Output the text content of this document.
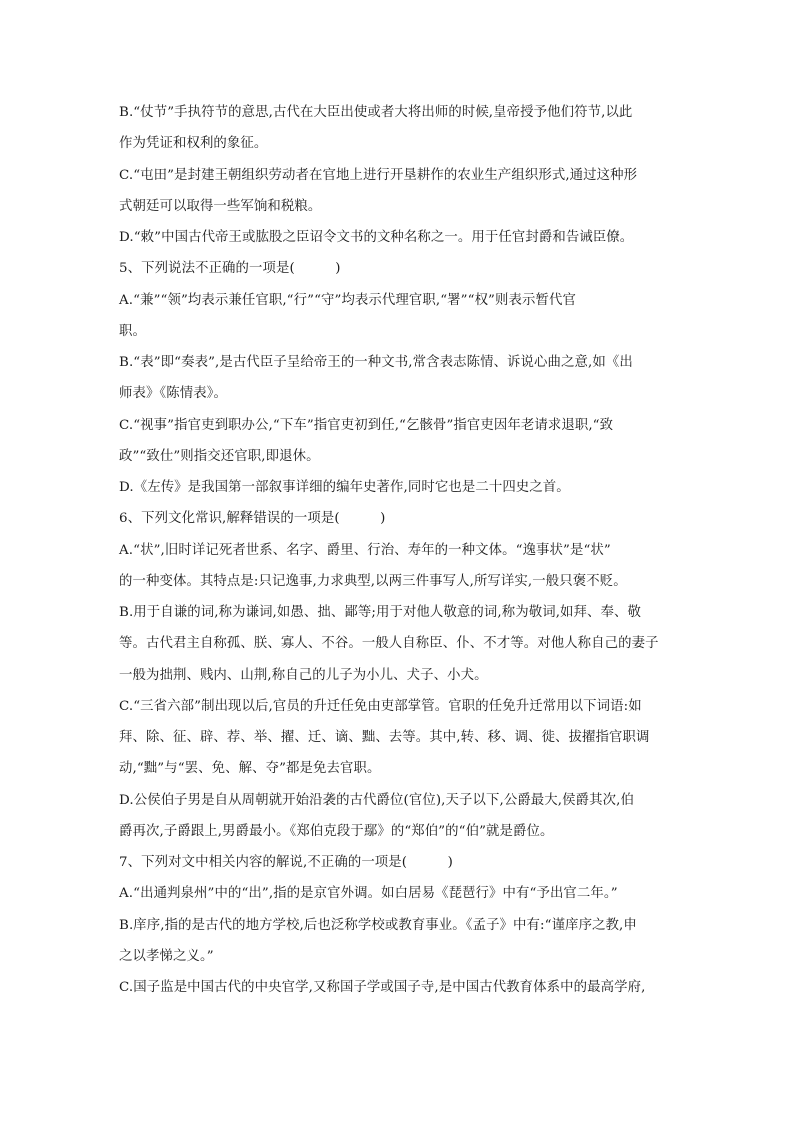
B.“仗节”手执符节的意思,古代在大臣出使或者大将出师的时候,皇帝授予他们符节,以此
作为凭证和权利的象征。
C.“屯田”是封建王朝组织劳动者在官地上进行开垦耕作的农业生产组织形式,通过这种形
式朝廷可以取得一些军饷和税粮。
D.“敕”中国古代帝王或肱股之臣诏令文书的文种名称之一。用于任官封爵和告诫臣僚。
5、下列说法不正确的一项是(　　　)
A.“兼”“领”均表示兼任官职,“行”“守”均表示代理官职,“署”“权”则表示暂代官
职。
B.“表”即“奏表”,是古代臣子呈给帝王的一种文书,常含表志陈情、诉说心曲之意,如《出
师表》《陈情表》。
C.“视事”指官吏到职办公,“下车”指官吏初到任,“乞骸骨”指官吏因年老请求退职,“致
政”“致仕”则指交还官职,即退休。
D.《左传》是我国第一部叙事详细的编年史著作,同时它也是二十四史之首。
6、下列文化常识,解释错误的一项是(　　　)
A.“状”,旧时详记死者世系、名字、爵里、行治、寿年的一种文体。“逸事状”是“状”
的一种变体。其特点是:只记逸事,力求典型,以两三件事写人,所写详实,一般只褒不贬。
B.用于自谦的词,称为谦词,如愚、拙、鄙等;用于对他人敬意的词,称为敬词,如拜、奉、敬
等。古代君主自称孤、朕、寡人、不谷。一般人自称臣、仆、不才等。对他人称自己的妻子
一般为拙荆、贱内、山荆,称自己的儿子为小儿、犬子、小犬。
C.“三省六部”制出现以后,官员的升迁任免由吏部掌管。官职的任免升迁常用以下词语:如
拜、除、征、辟、荐、举、擢、迁、谪、黜、去等。其中,转、移、调、徙、拔擢指官职调
动,“黜”与“罢、免、解、夺”都是免去官职。
D.公侯伯子男是自从周朝就开始沿袭的古代爵位(官位),天子以下,公爵最大,侯爵其次,伯
爵再次,子爵跟上,男爵最小。《郑伯克段于鄢》的“郑伯”的“伯”就是爵位。
7、下列对文中相关内容的解说,不正确的一项是(　　　)
A.“出通判泉州”中的“出”,指的是京官外调。如白居易《琵琶行》中有“予出官二年。”
B.庠序,指的是古代的地方学校,后也泛称学校或教育事业。《孟子》中有:“谨庠序之教,申
之以孝悌之义。”
C.国子监是中国古代的中央官学,又称国子学或国子寺,是中国古代教育体系中的最高学府,
